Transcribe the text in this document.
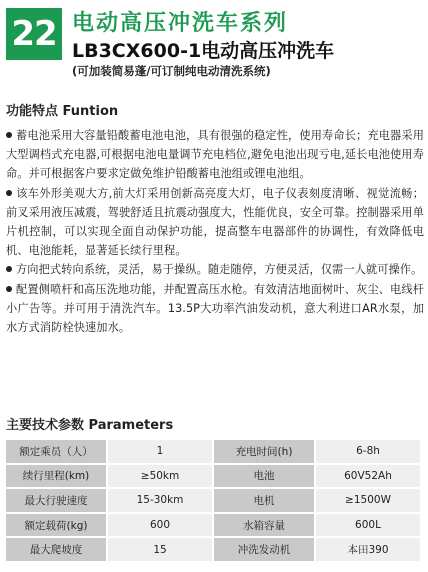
22 电动高压冲洗车系列
LB3CX600-1电动高压冲洗车
(可加装简易蓬/可订制纯电动清洗系统)
功能特点 Funtion
蓄电池采用大容量铅酸蓄电池电池，具有很强的稳定性，使用寿命长；充电器采用大型调档式充电器,可根据电池电量调节充电档位,避免电池出现亏电,延长电池使用寿命。并可根据客户要求定做免维护铅酸蓄电池组或锂电池组。
该车外形美观大方,前大灯采用创新高亮度大灯，电子仪表刻度清晰、视觉流畅；前叉采用液压减震，驾驶舒适且抗震动强度大，性能优良，安全可靠。控制器采用单片机控制，可以实现全面自动保护功能，提高整车电器部件的协调性，有效降低电机、电池能耗，显著延长续行里程。
方向把式转向系统，灵活，易于操纵。随走随停，方便灵活，仅需一人就可操作。
配置侧喷杆和高压洗地功能，并配置高压水枪。有效清洁地面树叶、灰尘、电线杆小广告等。并可用于清洗汽车。13.5P大功率汽油发动机，意大利进口AR水泵，加水方式消防栓快速加水。
主要技术参数 Parameters
额定乘员（人）	1	充电时间(h)	6-8h
续行里程(km)	≥50km	电池	60V52Ah
最大行驶速度	15-30km	电机	≥1500W
额定载荷(kg)	600	水箱容量	600L
最大爬坡度	15	冲洗发动机	本田390
